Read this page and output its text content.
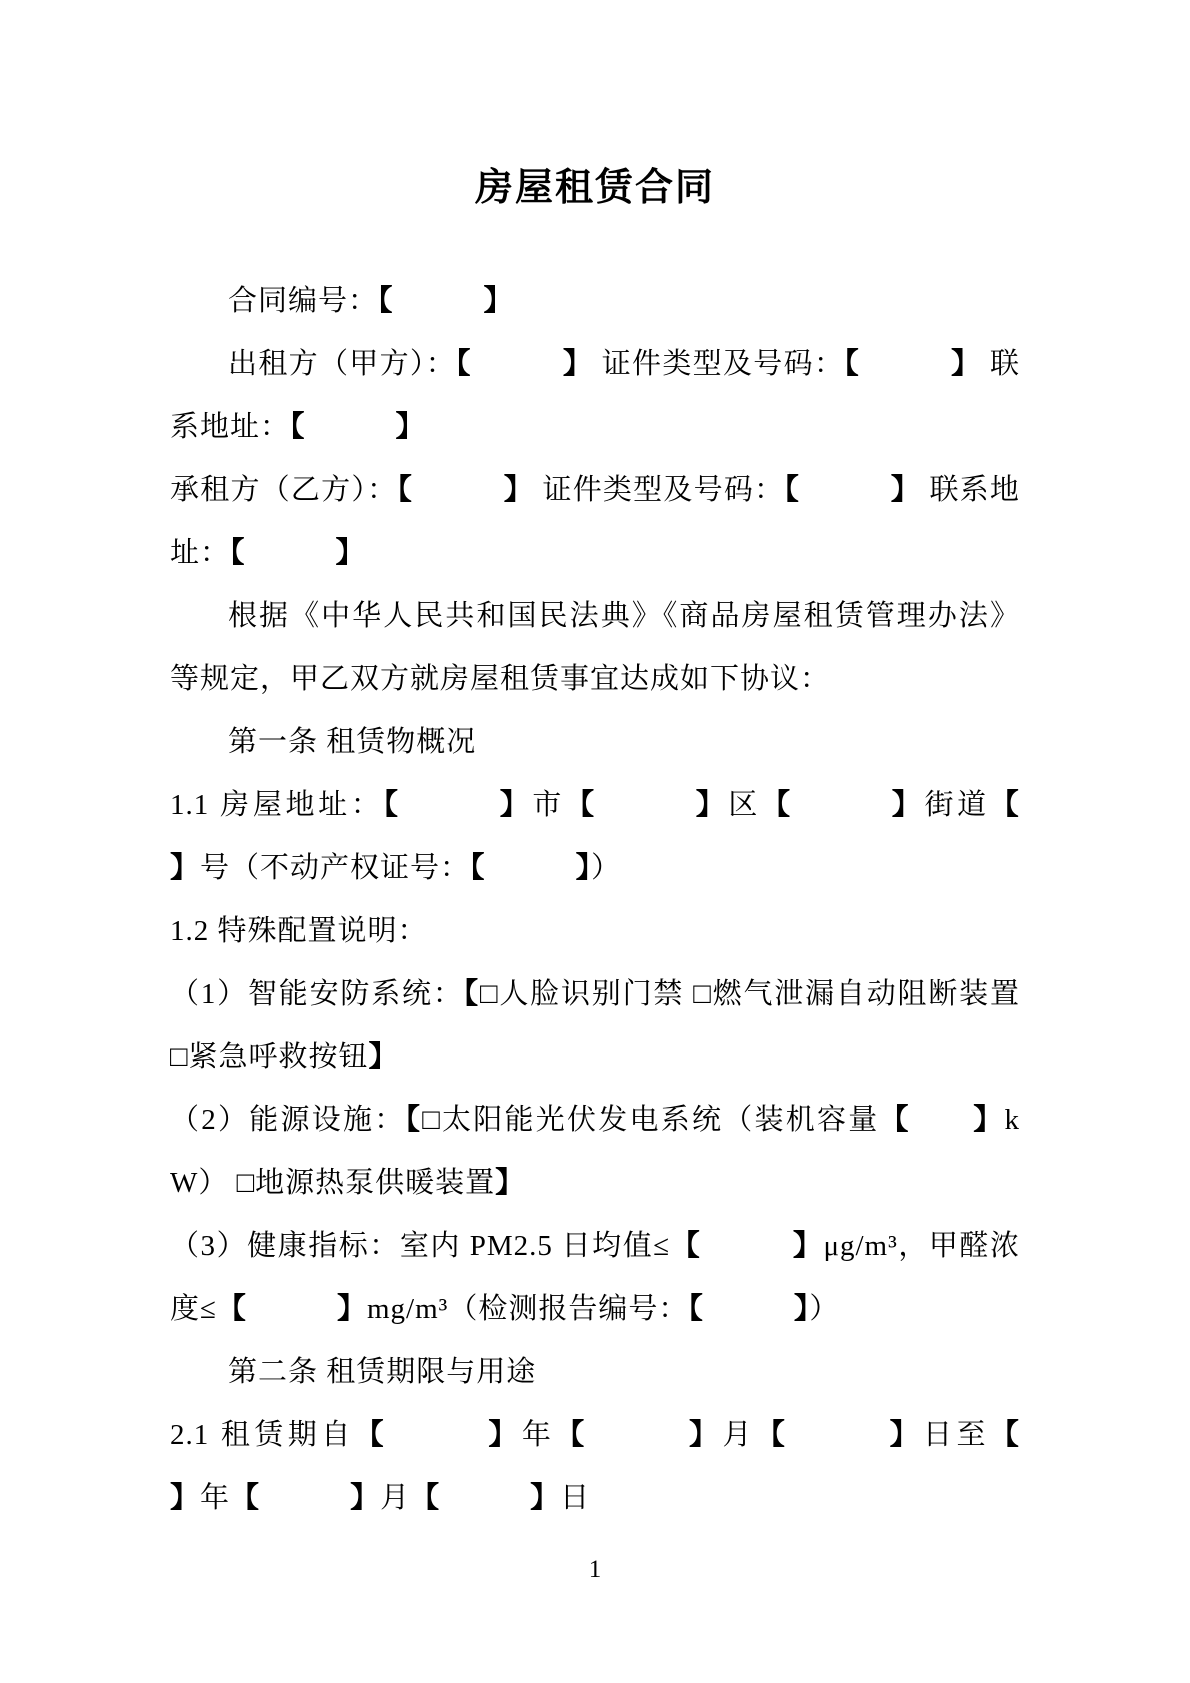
房屋租赁合同

合同编号：【　　　	】

出租方（甲方）：【　　　	】 证件类型及号码：【　　　	】 联系地址：【　　　	】

承租方（乙方）：【　　　	】 证件类型及号码：【　　　	】 联系地址：【　　　	】

根据《中华人民共和国民法典》《商品房屋租赁管理办法》等规定，甲乙双方就房屋租赁事宜达成如下协议：

第一条 租赁物概况

1.1 房屋地址：【　　　	】市【　　　	】区【　　　	】街道【　　】号（不动产权证号：【　　　	】）

1.2 特殊配置说明：

（1）智能安防系统：【□人脸识别门禁 □燃气泄漏自动阻断装置 □紧急呼救按钮】

（2）能源设施：【□太阳能光伏发电系统（装机容量【　　 】kW） □地源热泵供暖装置】

（3）健康指标：室内 PM2.5 日均值≤【　　　	】μg/m³，甲醛浓度≤【　　　	】mg/m³（检测报告编号：【　　　	】）

第二条 租赁期限与用途

2.1 租赁期自【　　　	】年【　　　	】月【　　　	】日至【　　　】年【　　　	】月【　　　	】日

1
